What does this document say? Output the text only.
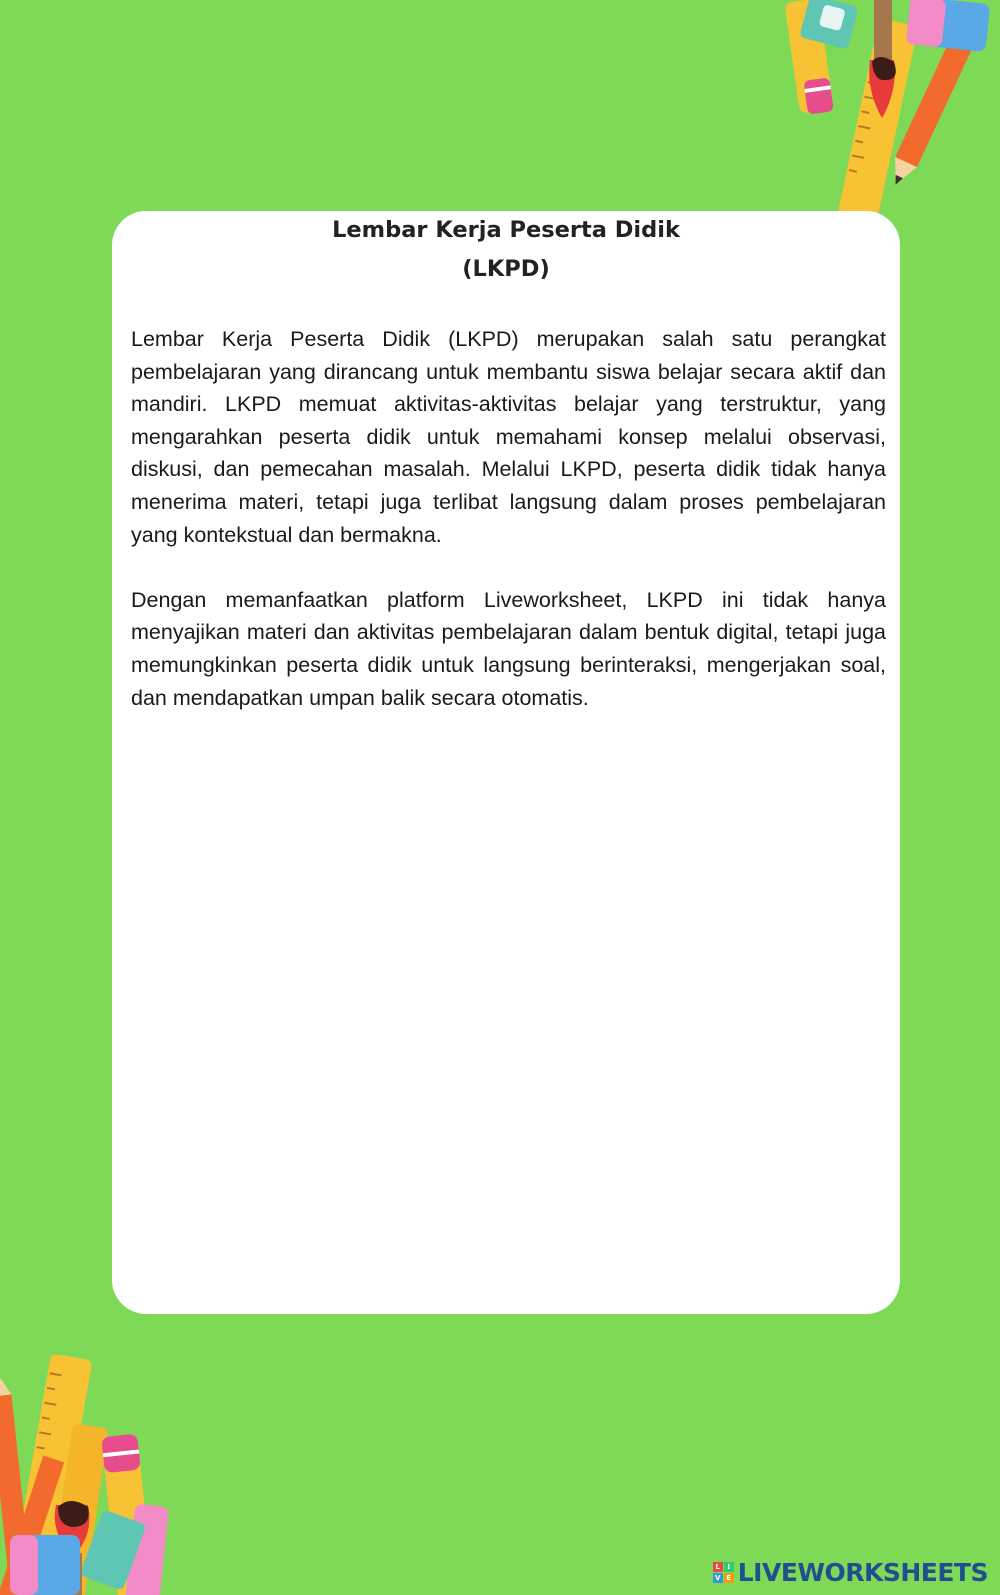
Lembar Kerja Peserta Didik
(LKPD)

Lembar Kerja Peserta Didik (LKPD) merupakan salah satu perangkat pembelajaran yang dirancang untuk membantu siswa belajar secara aktif dan mandiri. LKPD memuat aktivitas-aktivitas belajar yang terstruktur, yang mengarahkan peserta didik untuk memahami konsep melalui observasi, diskusi, dan pemecahan masalah. Melalui LKPD, peserta didik tidak hanya menerima materi, tetapi juga terlibat langsung dalam proses pembelajaran yang kontekstual dan bermakna.

Dengan memanfaatkan platform Liveworksheet, LKPD ini tidak hanya menyajikan materi dan aktivitas pembelajaran dalam bentuk digital, tetapi juga memungkinkan peserta didik untuk langsung berinteraksi, mengerjakan soal, dan mendapatkan umpan balik secara otomatis.

L	I
V E LIVEWORKSHEETS
